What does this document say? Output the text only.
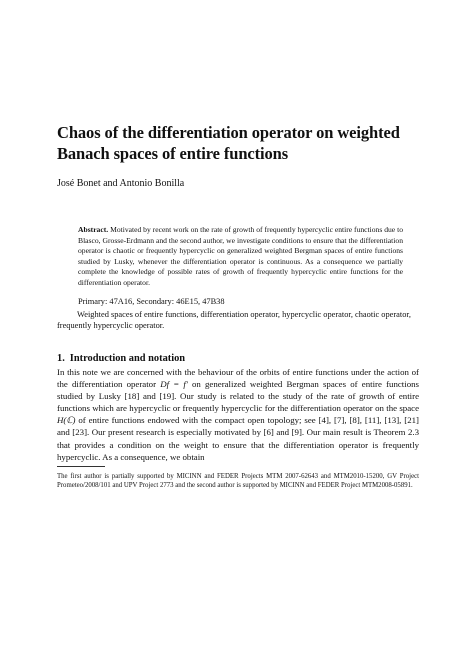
Chaos of the differentiation operator on weighted
Banach spaces of entire functions
José Bonet and Antonio Bonilla
Abstract. Motivated by recent work on the rate of growth of frequently hypercyclic entire functions due to Blasco, Grosse-Erdmann and the second author, we investigate conditions to ensure that the differentiation operator is chaotic or frequently hypercyclic on generalized weighted Bergman spaces of entire functions studied by Lusky, whenever the differentiation operator is continuous. As a consequence we partially complete the knowledge of possible rates of growth of frequently hypercyclic entire functions for the differentiation operator.
Primary: 47A16, Secondary: 46E15, 47B38
Weighted spaces of entire functions, differentiation operator, hypercyclic operator, chaotic operator, frequently hypercyclic operator.
1. Introduction and notation
In this note we are concerned with the behaviour of the orbits of entire functions under the action of the differentiation operator Df = f′ on generalized weighted Bergman spaces of entire functions studied by Lusky [18] and [19]. Our study is related to the study of the rate of growth of entire functions which are hypercyclic or frequently hypercyclic for the differentiation operator on the space H(ℂ) of entire functions endowed with the compact open topology; see [4], [7], [8], [11], [13], [21] and [23]. Our present research is especially motivated by [6] and [9]. Our main result is Theorem 2.3 that provides a condition on the weight to ensure that the differentiation operator is frequently hypercyclic. As a consequence, we obtain
The first author is partially supported by MICINN and FEDER Projects MTM 2007-62643 and MTM2010-15200, GV Project Prometeo/2008/101 and UPV Project 2773 and the second author is supported by MICINN and FEDER Project MTM2008-05891.
